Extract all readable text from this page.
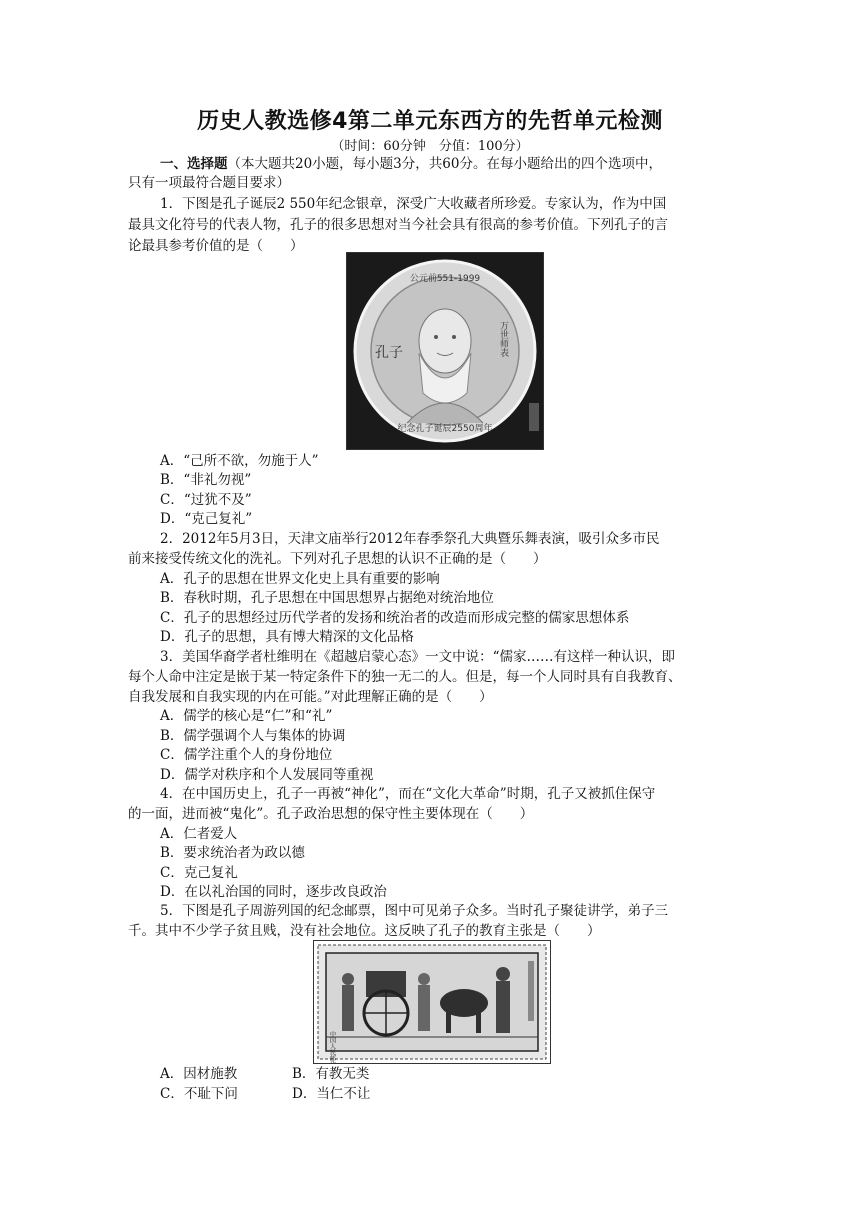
历史人教选修4第二单元东西方的先哲单元检测
（时间：60分钟　分值：100分）
一、选择题（本大题共20小题，每小题3分，共60分。在每小题给出的四个选项中，
只有一项最符合题目要求）
1．下图是孔子诞辰2 550年纪念银章，深受广大收藏者所珍爱。专家认为，作为中国
最具文化符号的代表人物，孔子的很多思想对当今社会具有很高的参考价值。下列孔子的言
论最具参考价值的是（　　）
公元前551-1999
孔子	万世师表
纪念孔子诞辰2550周年
A．“己所不欲，勿施于人”
B．“非礼勿视”
C．“过犹不及”
D．“克己复礼”
2．2012年5月3日，天津文庙举行2012年春季祭孔大典暨乐舞表演，吸引众多市民
前来接受传统文化的洗礼。下列对孔子思想的认识不正确的是（　　）
A．孔子的思想在世界文化史上具有重要的影响
B．春秋时期，孔子思想在中国思想界占据绝对统治地位
C．孔子的思想经过历代学者的发扬和统治者的改造而形成完整的儒家思想体系
D．孔子的思想，具有博大精深的文化品格
3．美国华裔学者杜维明在《超越启蒙心态》一文中说：“儒家……有这样一种认识，即
每个人命中注定是嵌于某一特定条件下的独一无二的人。但是，每一个人同时具有自我教育、
自我发展和自我实现的内在可能。”对此理解正确的是（　　）
A．儒学的核心是“仁”和“礼”
B．儒学强调个人与集体的协调
C．儒学注重个人的身份地位
D．儒学对秩序和个人发展同等重视
4．在中国历史上，孔子一再被“神化”，而在“文化大革命”时期，孔子又被抓住保守
的一面，进而被“鬼化”。孔子政治思想的保守性主要体现在（　　）
A．仁者爱人
B．要求统治者为政以德
C．克己复礼
D．在以礼治国的同时，逐步改良政治
5．下图是孔子周游列国的纪念邮票，图中可见弟子众多。当时孔子聚徒讲学，弟子三
千。其中不少学子贫且贱，没有社会地位。这反映了孔子的教育主张是（　　）
中国人民邮政
A．因材施教	B．有教无类
C．不耻下问	D．当仁不让
